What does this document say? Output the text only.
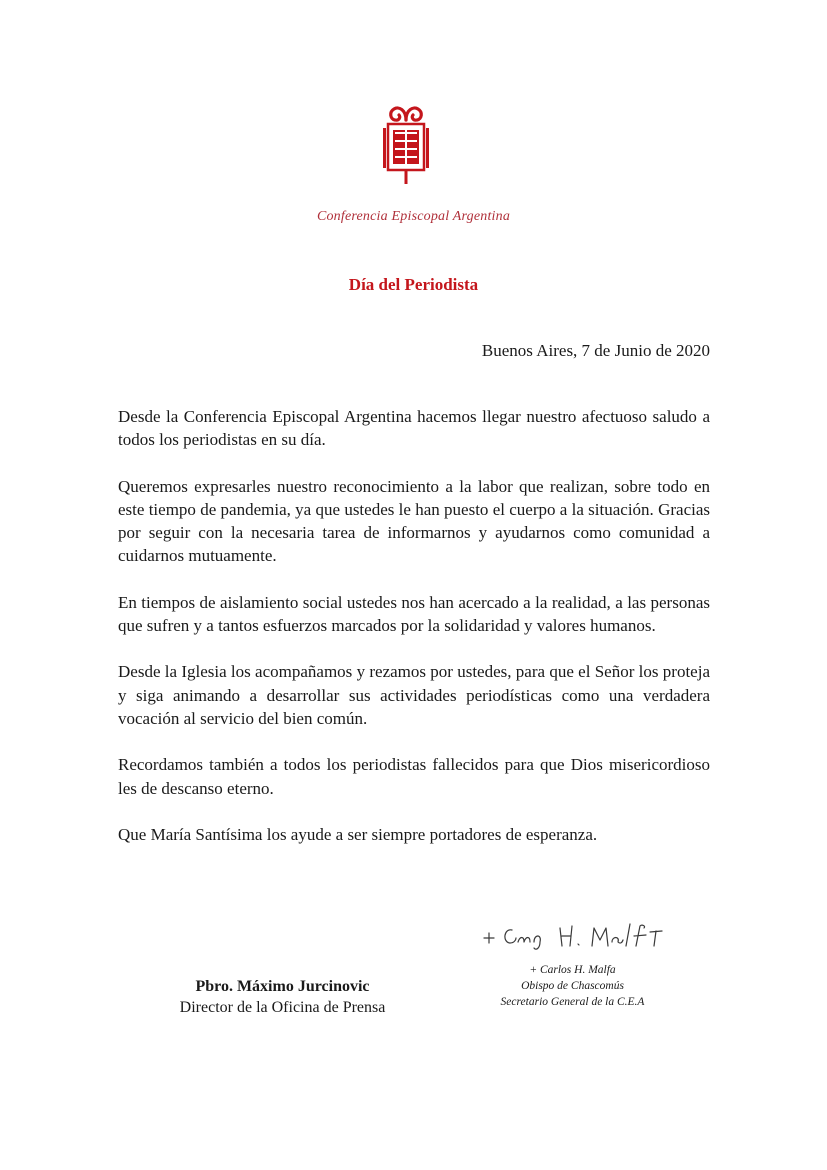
Conferencia Episcopal Argentina
Día del Periodista
Buenos Aires, 7 de Junio de 2020

Desde la Conferencia Episcopal Argentina hacemos llegar nuestro afectuoso saludo a todos los periodistas en su día.

Queremos expresarles nuestro reconocimiento a la labor que realizan, sobre todo en este tiempo de pandemia, ya que ustedes le han puesto el cuerpo a la situación. Gracias por seguir con la necesaria tarea de informarnos y ayudarnos como comunidad a cuidarnos mutuamente.

En tiempos de aislamiento social ustedes nos han acercado a la realidad, a las personas que sufren y a tantos esfuerzos marcados por la solidaridad y valores humanos.

Desde la Iglesia los acompañamos y rezamos por ustedes, para que el Señor los proteja y siga animando a desarrollar sus actividades periodísticas como una verdadera vocación al servicio del bien común.

Recordamos también a todos los periodistas fallecidos para que Dios misericordioso les de descanso eterno.

Que María Santísima los ayude a ser siempre portadores de esperanza.

Pbro. Máximo Jurcinovic
Director de la Oficina de Prensa
+ Carlos H. Malfa
Obispo de Chascomús
Secretario General de la C.E.A
